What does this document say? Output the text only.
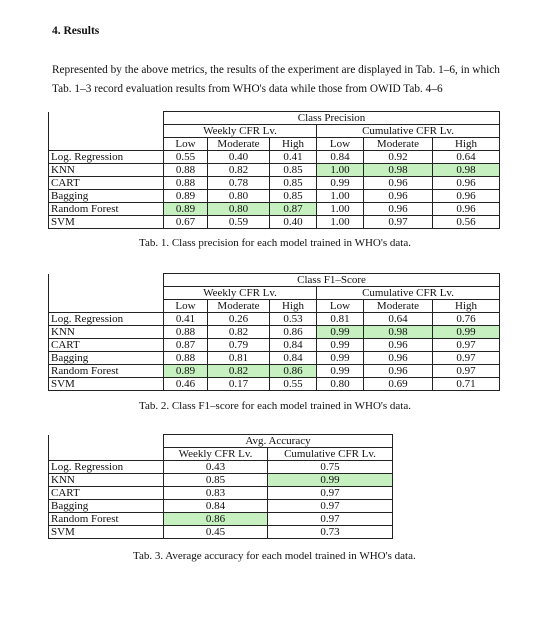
4. Results
Represented by the above metrics, the results of the experiment are displayed in Tab. 1–6, in which Tab. 1–3 record evaluation results from WHO's data while those from OWID Tab. 4–6
	Class Precision					
	Weekly CFR Lv.			Cumulative CFR Lv.		
	Low	Moderate	High	Low	Moderate	High
Log. Regression	0.55	0.40	0.41	0.84	0.92	0.64
KNN	0.88	0.82	0.85	1.00	0.98	0.98
CART	0.88	0.78	0.85	0.99	0.96	0.96
Bagging	0.89	0.80	0.85	1.00	0.96	0.96
Random Forest	0.89	0.80	0.87	1.00	0.96	0.96
SVM	0.67	0.59	0.40	1.00	0.97	0.56
Tab. 1. Class precision for each model trained in WHO's data.
	Class F1–Score					
	Weekly CFR Lv.			Cumulative CFR Lv.		
	Low	Moderate	High	Low	Moderate	High
Log. Regression	0.41	0.26	0.53	0.81	0.64	0.76
KNN	0.88	0.82	0.86	0.99	0.98	0.99
CART	0.87	0.79	0.84	0.99	0.96	0.97
Bagging	0.88	0.81	0.84	0.99	0.96	0.97
Random Forest	0.89	0.82	0.86	0.99	0.96	0.97
SVM	0.46	0.17	0.55	0.80	0.69	0.71
Tab. 2. Class F1–score for each model trained in WHO's data.
	Avg. Accuracy	
	Weekly CFR Lv.	Cumulative CFR Lv.
Log. Regression	0.43	0.75
KNN	0.85	0.99
CART	0.83	0.97
Bagging	0.84	0.97
Random Forest	0.86	0.97
SVM	0.45	0.73
Tab. 3. Average accuracy for each model trained in WHO's data.
